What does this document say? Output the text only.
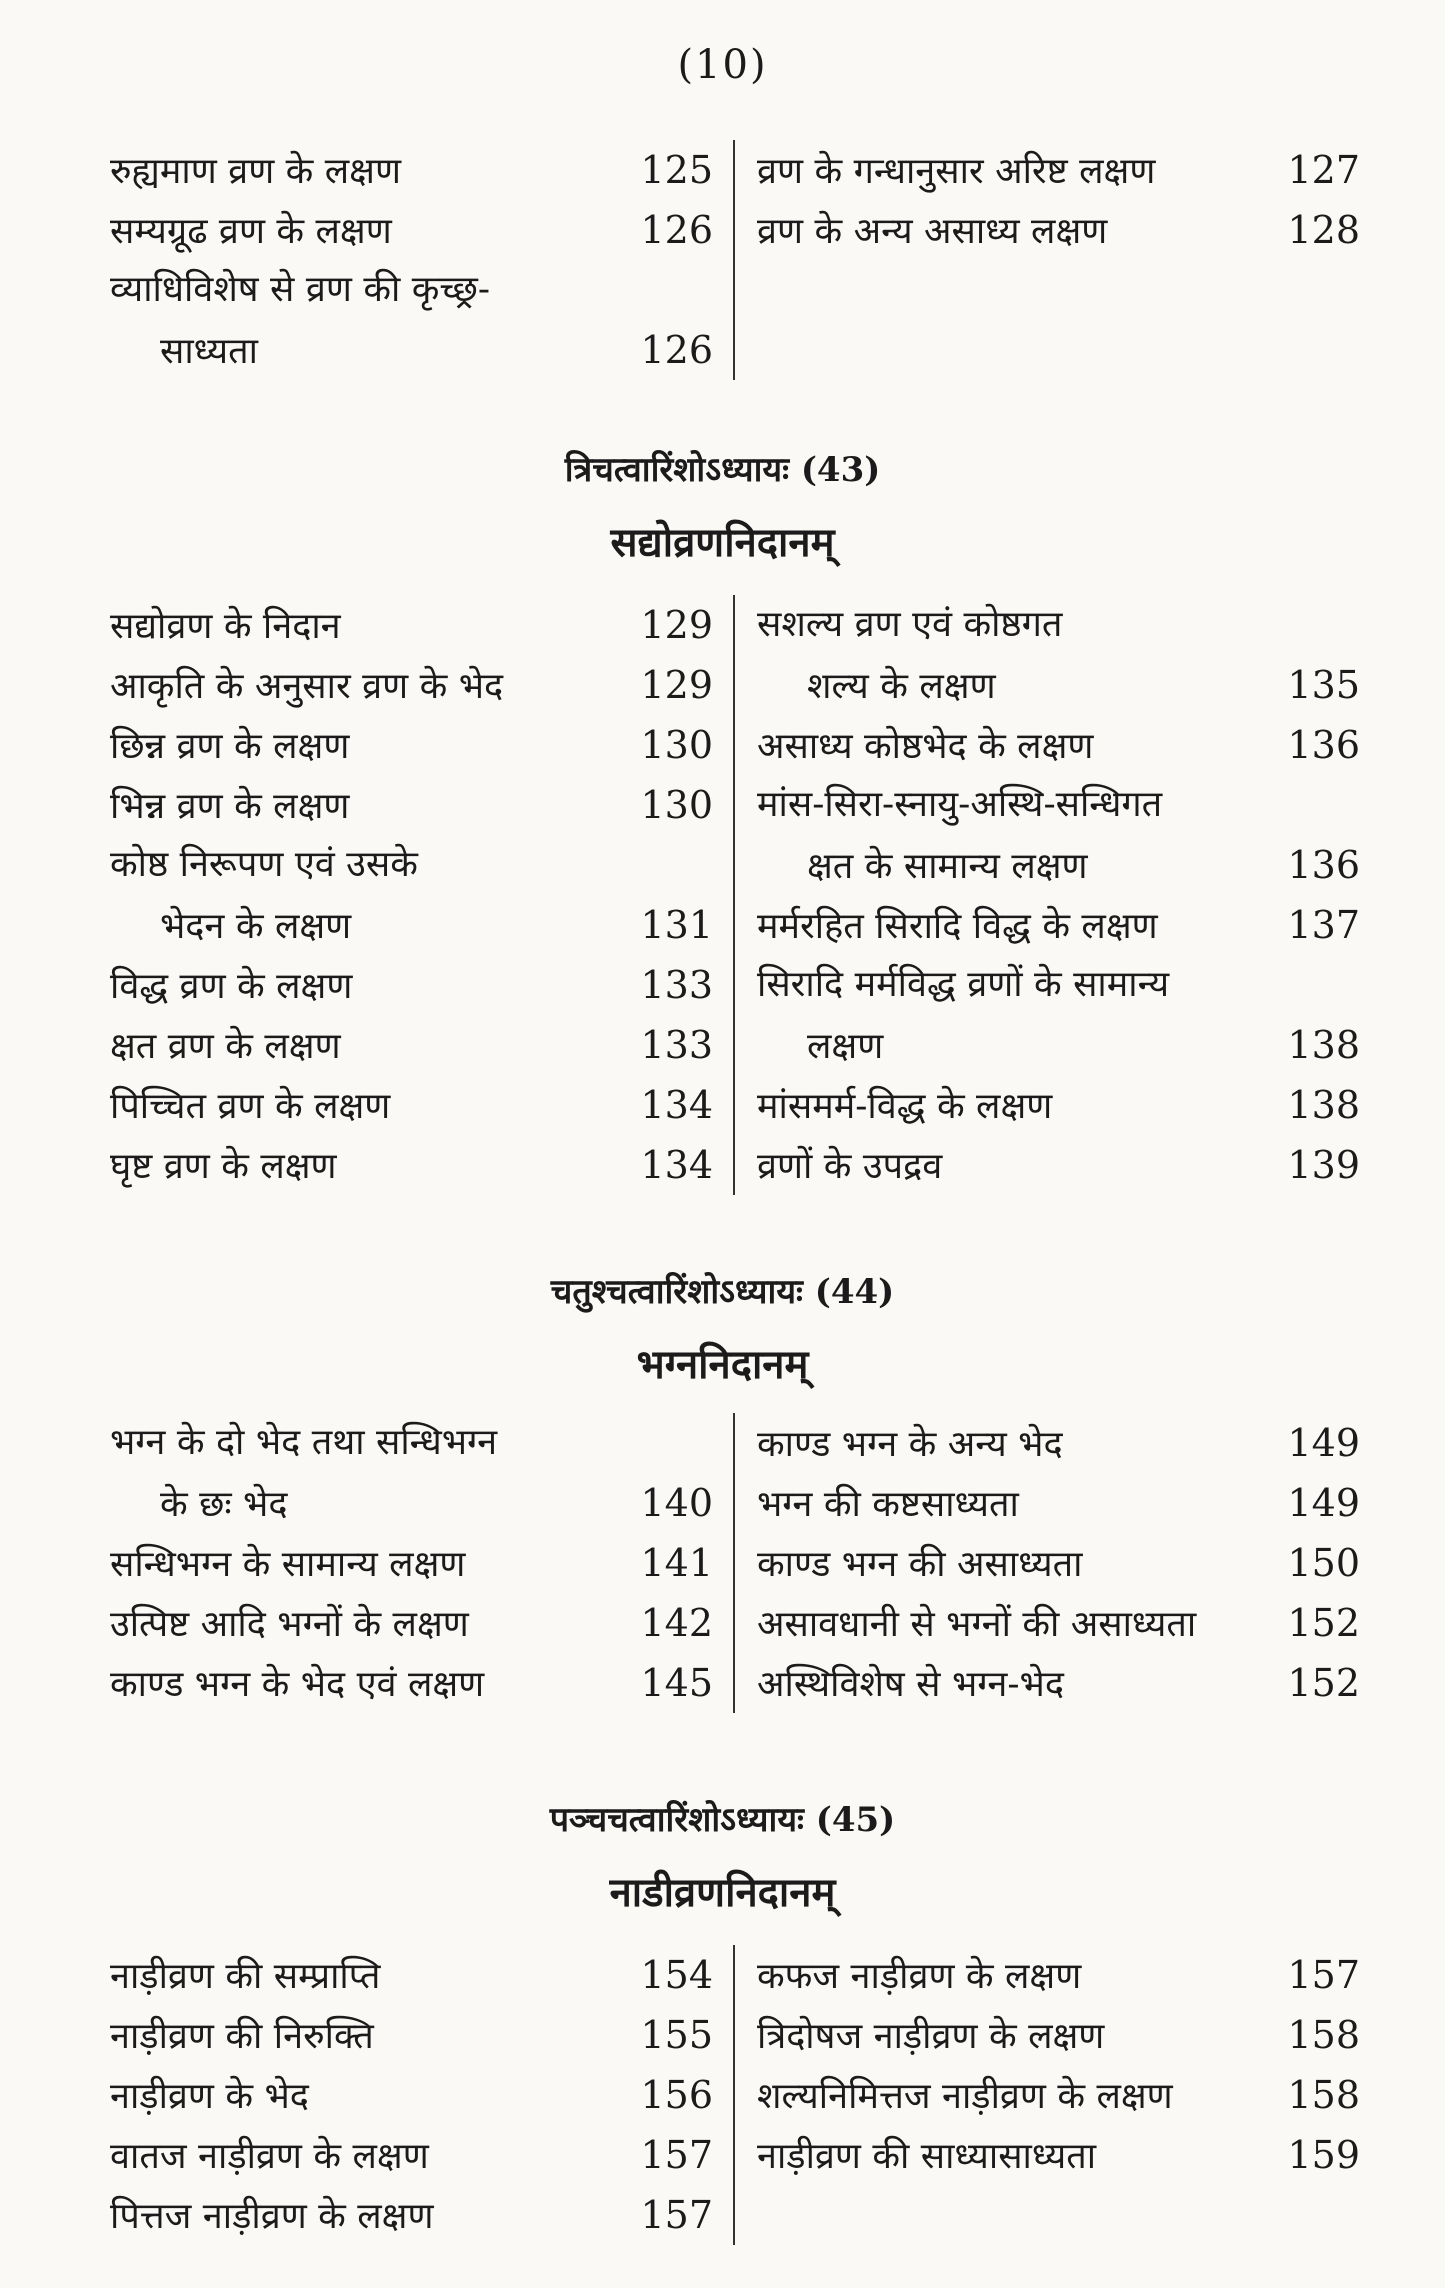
(10)
रुह्यमाण व्रण के लक्षण	125
सम्यग्रूढ व्रण के लक्षण	126
व्याधिविशेष से व्रण की कृच्छ्र-
साध्यता	126
व्रण के गन्धानुसार अरिष्ट लक्षण	127
व्रण के अन्य असाध्य लक्षण	128
त्रिचत्वारिंशोऽध्यायः (43)
सद्योव्रणनिदानम्
सद्योव्रण के निदान	129
आकृति के अनुसार व्रण के भेद	129
छिन्न व्रण के लक्षण	130
भिन्न व्रण के लक्षण	130
कोष्ठ निरूपण एवं उसके
भेदन के लक्षण	131
विद्ध व्रण के लक्षण	133
क्षत व्रण के लक्षण	133
पिच्चित व्रण के लक्षण	134
घृष्ट व्रण के लक्षण	134
सशल्य व्रण एवं कोष्ठगत
शल्य के लक्षण	135
असाध्य कोष्ठभेद के लक्षण	136
मांस-सिरा-स्नायु-अस्थि-सन्धिगत
क्षत के सामान्य लक्षण	136
मर्मरहित सिरादि विद्ध के लक्षण	137
सिरादि मर्मविद्ध व्रणों के सामान्य
लक्षण	138
मांसमर्म-विद्ध के लक्षण	138
व्रणों के उपद्रव	139
चतुश्चत्वारिंशोऽध्यायः (44)
भग्ननिदानम्
भग्न के दो भेद तथा सन्धिभग्न
के छः भेद	140
सन्धिभग्न के सामान्य लक्षण	141
उत्पिष्ट आदि भग्नों के लक्षण	142
काण्ड भग्न के भेद एवं लक्षण	145
काण्ड भग्न के अन्य भेद	149
भग्न की कष्टसाध्यता	149
काण्ड भग्न की असाध्यता	150
असावधानी से भग्नों की असाध्यता 152
अस्थिविशेष से भग्न-भेद	152
पञ्चचत्वारिंशोऽध्यायः (45)
नाडीव्रणनिदानम्
नाड़ीव्रण की सम्प्राप्ति	154
नाड़ीव्रण की निरुक्ति	155
नाड़ीव्रण के भेद	156
वातज नाड़ीव्रण के लक्षण	157
पित्तज नाड़ीव्रण के लक्षण	157
कफज नाड़ीव्रण के लक्षण	157
त्रिदोषज नाड़ीव्रण के लक्षण	158
शल्यनिमित्तज नाड़ीव्रण के लक्षण	158
नाड़ीव्रण की साध्यासाध्यता	159
